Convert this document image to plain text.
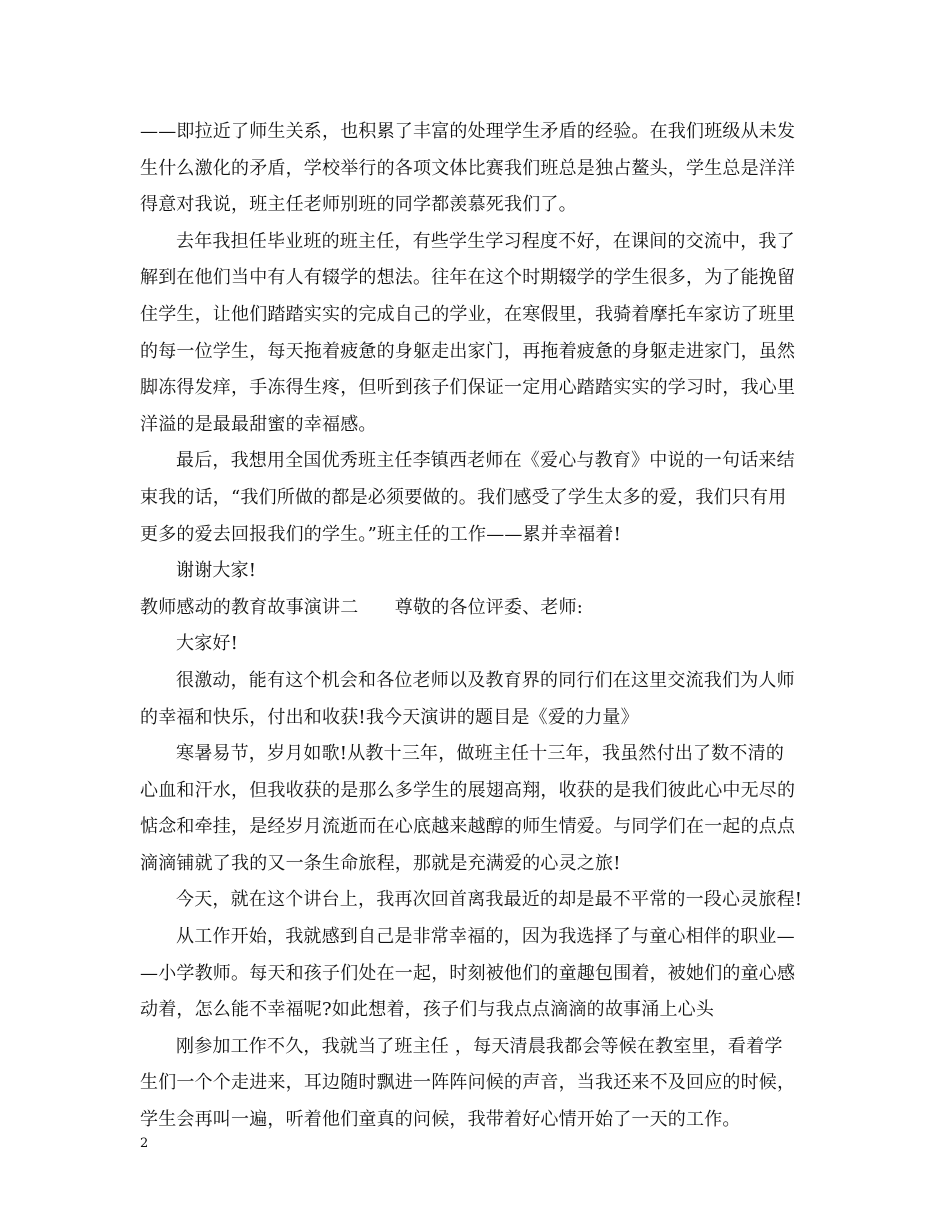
——即拉近了师生关系，也积累了丰富的处理学生矛盾的经验。在我们班级从未发
生什么激化的矛盾，学校举行的各项文体比赛我们班总是独占鳌头，学生总是洋洋
得意对我说，班主任老师别班的同学都羡慕死我们了。
去年我担任毕业班的班主任，有些学生学习程度不好，在课间的交流中，我了
解到在他们当中有人有辍学的想法。往年在这个时期辍学的学生很多，为了能挽留
住学生，让他们踏踏实实的完成自己的学业，在寒假里，我骑着摩托车家访了班里
的每一位学生，每天拖着疲惫的身躯走出家门，再拖着疲惫的身躯走进家门，虽然
脚冻得发痒，手冻得生疼，但听到孩子们保证一定用心踏踏实实的学习时，我心里
洋溢的是最最甜蜜的幸福感。
最后，我想用全国优秀班主任李镇西老师在《爱心与教育》中说的一句话来结
束我的话，“我们所做的都是必须要做的。我们感受了学生太多的爱，我们只有用
更多的爱去回报我们的学生。”班主任的工作——累并幸福着!
谢谢大家!
教师感动的教育故事演讲二　　尊敬的各位评委、老师:
大家好!
很激动，能有这个机会和各位老师以及教育界的同行们在这里交流我们为人师
的幸福和快乐，付出和收获!我今天演讲的题目是《爱的力量》
寒暑易节，岁月如歌!从教十三年，做班主任十三年，我虽然付出了数不清的
心血和汗水，但我收获的是那么多学生的展翅高翔，收获的是我们彼此心中无尽的
惦念和牵挂，是经岁月流逝而在心底越来越醇的师生情爱。与同学们在一起的点点
滴滴铺就了我的又一条生命旅程，那就是充满爱的心灵之旅!
今天，就在这个讲台上，我再次回首离我最近的却是最不平常的一段心灵旅程!
从工作开始，我就感到自己是非常幸福的，因为我选择了与童心相伴的职业—
—小学教师。每天和孩子们处在一起，时刻被他们的童趣包围着，被她们的童心感
动着，怎么能不幸福呢?如此想着，孩子们与我点点滴滴的故事涌上心头
刚参加工作不久，我就当了班主任 ，每天清晨我都会等候在教室里，看着学
生们一个个走进来，耳边随时飘进一阵阵问候的声音，当我还来不及回应的时候，
学生会再叫一遍，听着他们童真的问候，我带着好心情开始了一天的工作。
2
